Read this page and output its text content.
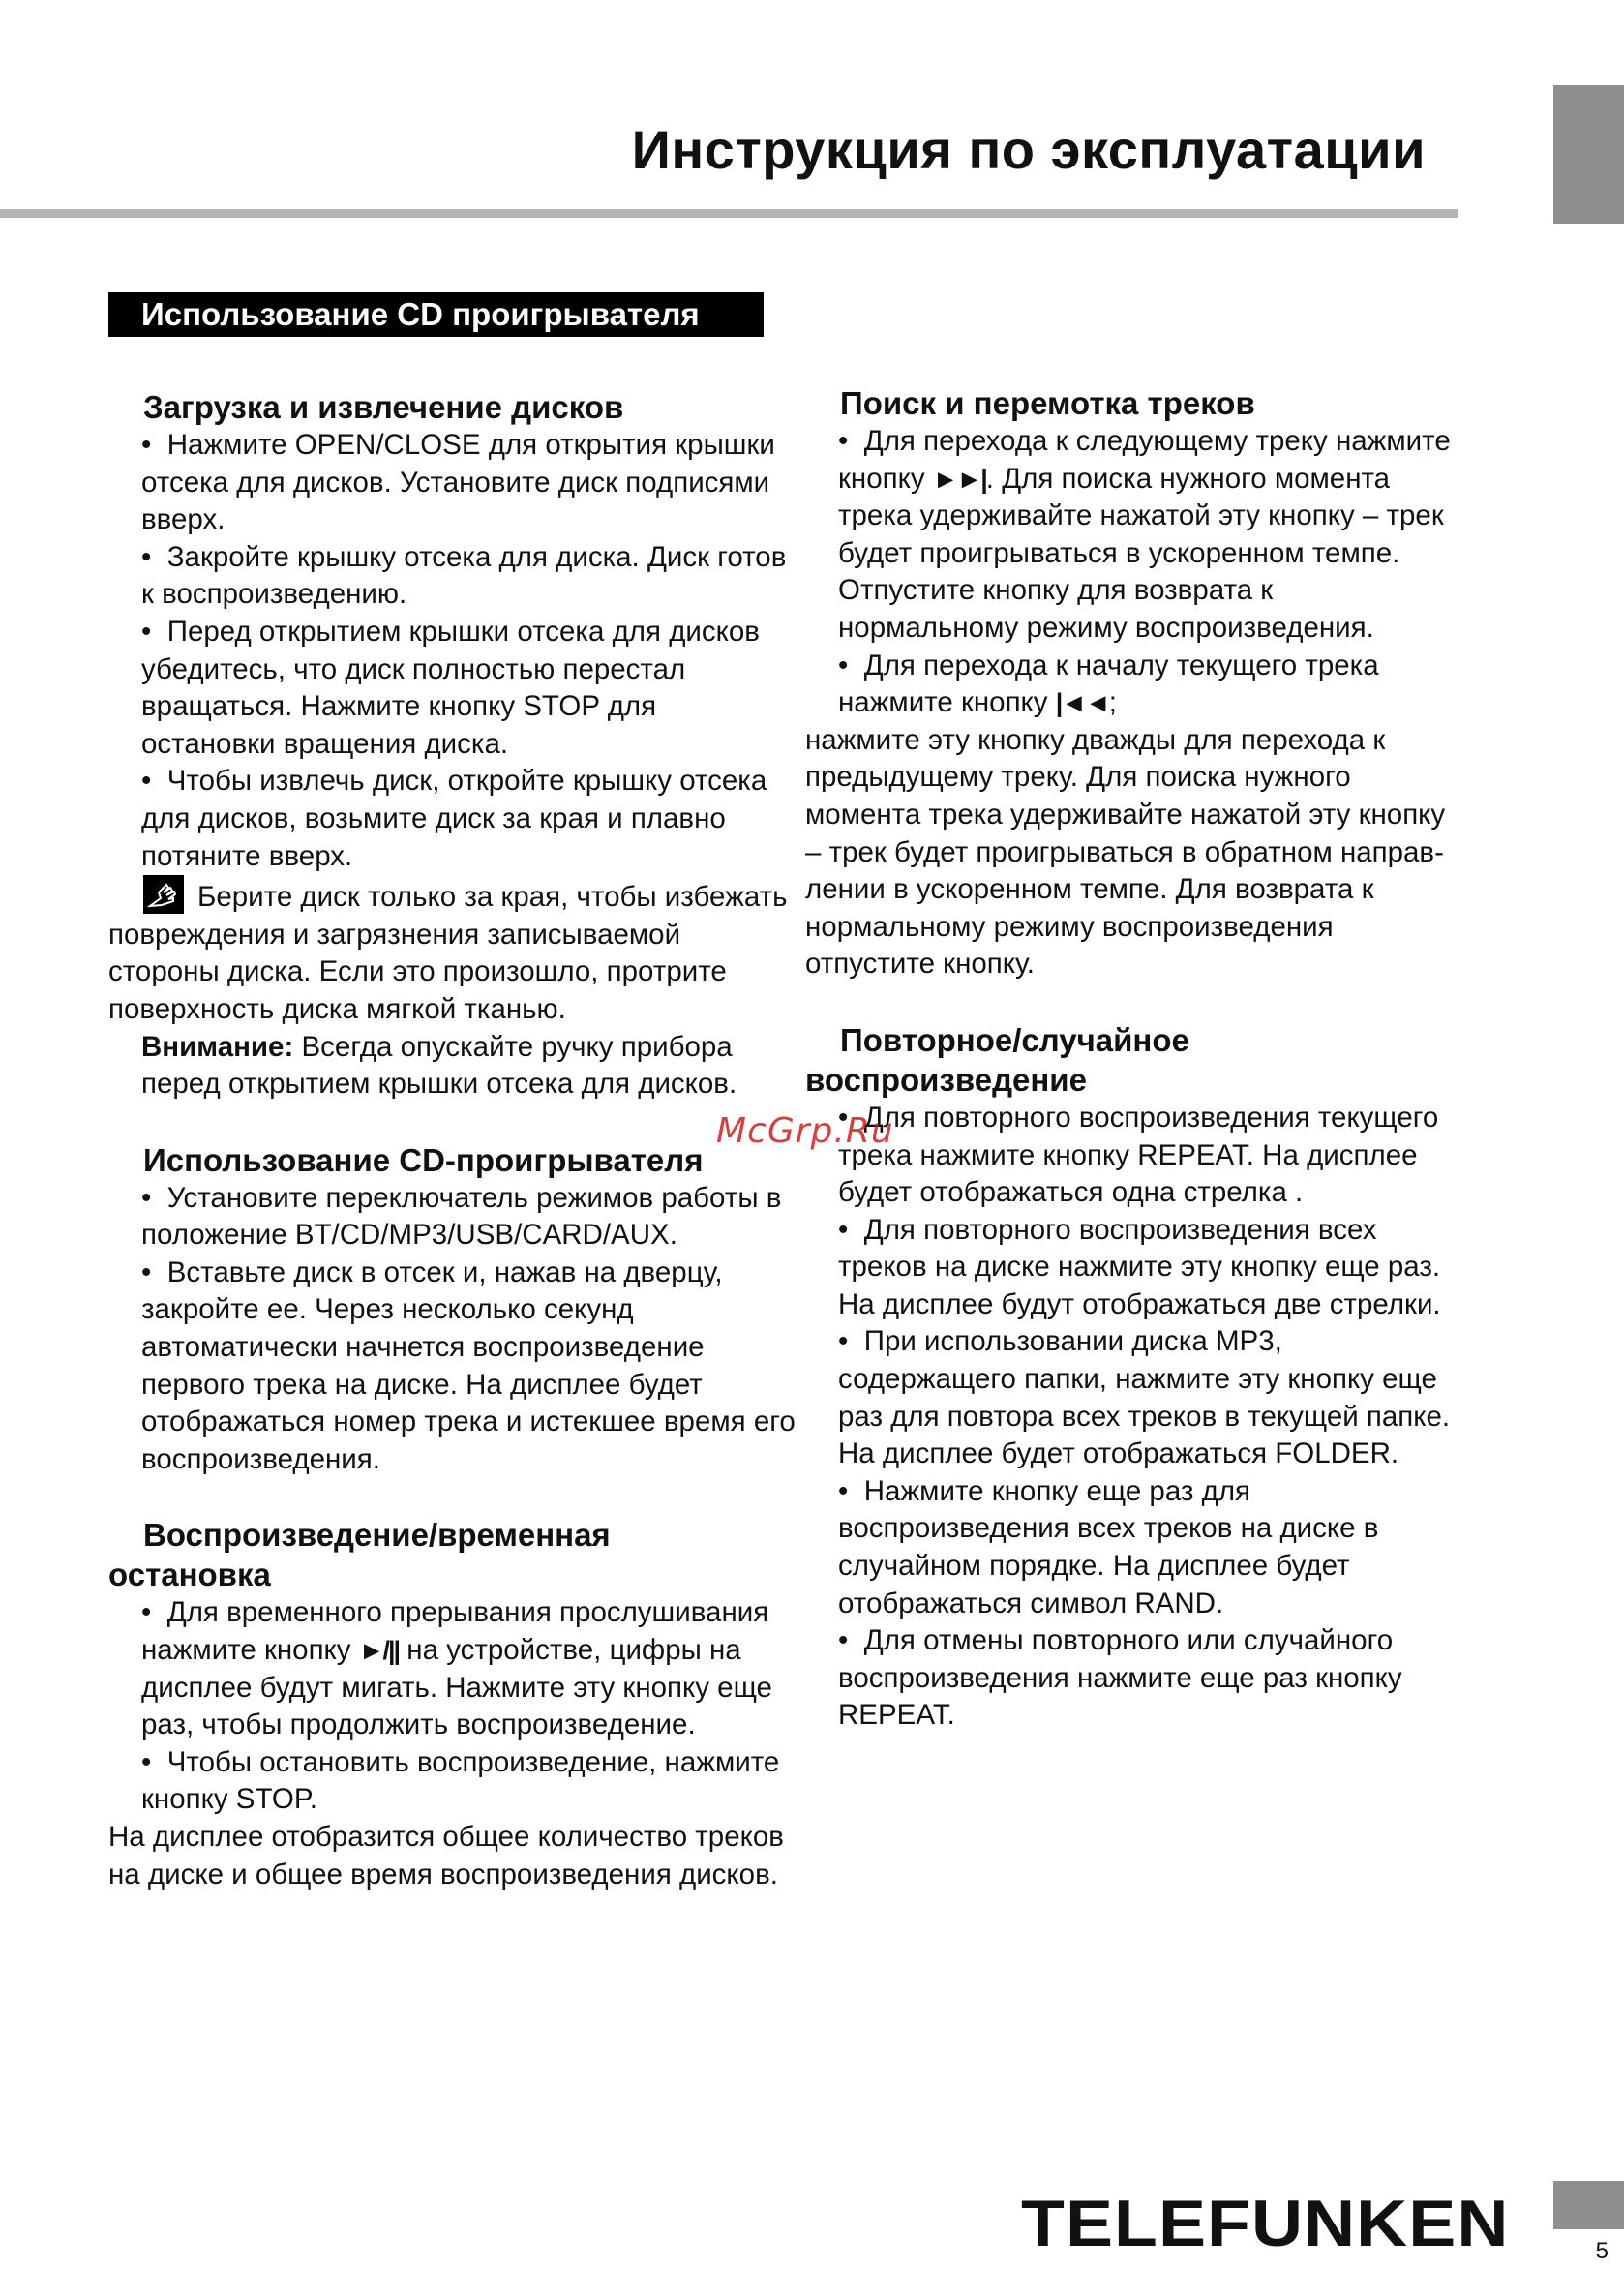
Инструкция по эксплуатации
Использование CD проигрывателя
Загрузка и извлечение дисков

•  Нажмите OPEN/CLOSE для открытия крышки отсека для дисков. Установите диск подписями вверх.

•  Закройте крышку отсека для диска. Диск готов к воспроизведению.

•  Перед открытием крышки отсека для дисков убедитесь, что диск полностью перестал вращаться. Нажмите кнопку STOP для остановки вращения диска.

•  Чтобы извлечь диск, откройте крышку отсека для дисков, возьмите диск за края и плавно потяните вверх.

Берите диск только за края, чтобы избежать повреждения и загрязнения записываемой стороны диска. Если это произошло, протрите поверхность диска мягкой тканью.

Внимание: Всегда опускайте ручку прибора перед открытием крышки отсека для дисков.

Использование CD-проигрывателя

•  Установите переключатель режимов работы в положение BT/CD/MP3/USB/CARD/AUX.

•  Вставьте диск в отсек и, нажав на дверцу, закройте ее. Через несколько секунд автоматически начнется воспроизведение первого трека на диске. На дисплее будет отображаться номер трека и истекшее время его воспроизведения.

Воспроизведение/временная
остановка

•  Для временного прерывания прослушивания нажмите кнопку ►/|| на устройстве, цифры на дисплее будут мигать. Нажмите эту кнопку еще раз, чтобы продолжить воспроизведение.

•  Чтобы остановить воспроизведение, нажмите кнопку STOP.

На дисплее отобразится общее количество треков на диске и общее время воспроизведения дисков.

Поиск и перемотка треков

•  Для перехода к следующему треку нажмите кнопку ►►|. Для поиска нужного момента трека удерживайте нажатой эту кнопку – трек будет проигрываться в ускоренном темпе. Отпустите кнопку для возврата к нормальному режиму воспроизведения.

•  Для перехода к началу текущего трека нажмите кнопку |◄◄;

нажмите эту кнопку дважды для перехода к предыдущему треку. Для поиска нужного момента трека удерживайте нажатой эту кнопку – трек будет проигрываться в обратном направ-лении в ускоренном темпе. Для возврата к нормальному режиму воспроизведения отпустите кнопку.

Повторное/случайное
воспроизведение

•  Для повторного воспроизведения текущего трека нажмите кнопку REPEAT. На дисплее будет отображаться одна стрелка .

•  Для повторного воспроизведения всех треков на диске нажмите эту кнопку еще раз. На дисплее будут отображаться две стрелки.

•  При использовании диска MP3, содержащего папки, нажмите эту кнопку еще раз для повтора всех треков в текущей папке. На дисплее будет отображаться FOLDER.

•  Нажмите кнопку еще раз для воспроизведения всех треков на диске в случайном порядке. На дисплее будет отображаться символ RAND.

•  Для отмены повторного или случайного воспроизведения нажмите еще раз кнопку REPEAT.

McGrp.Ru
TELEFUNKEN	5
